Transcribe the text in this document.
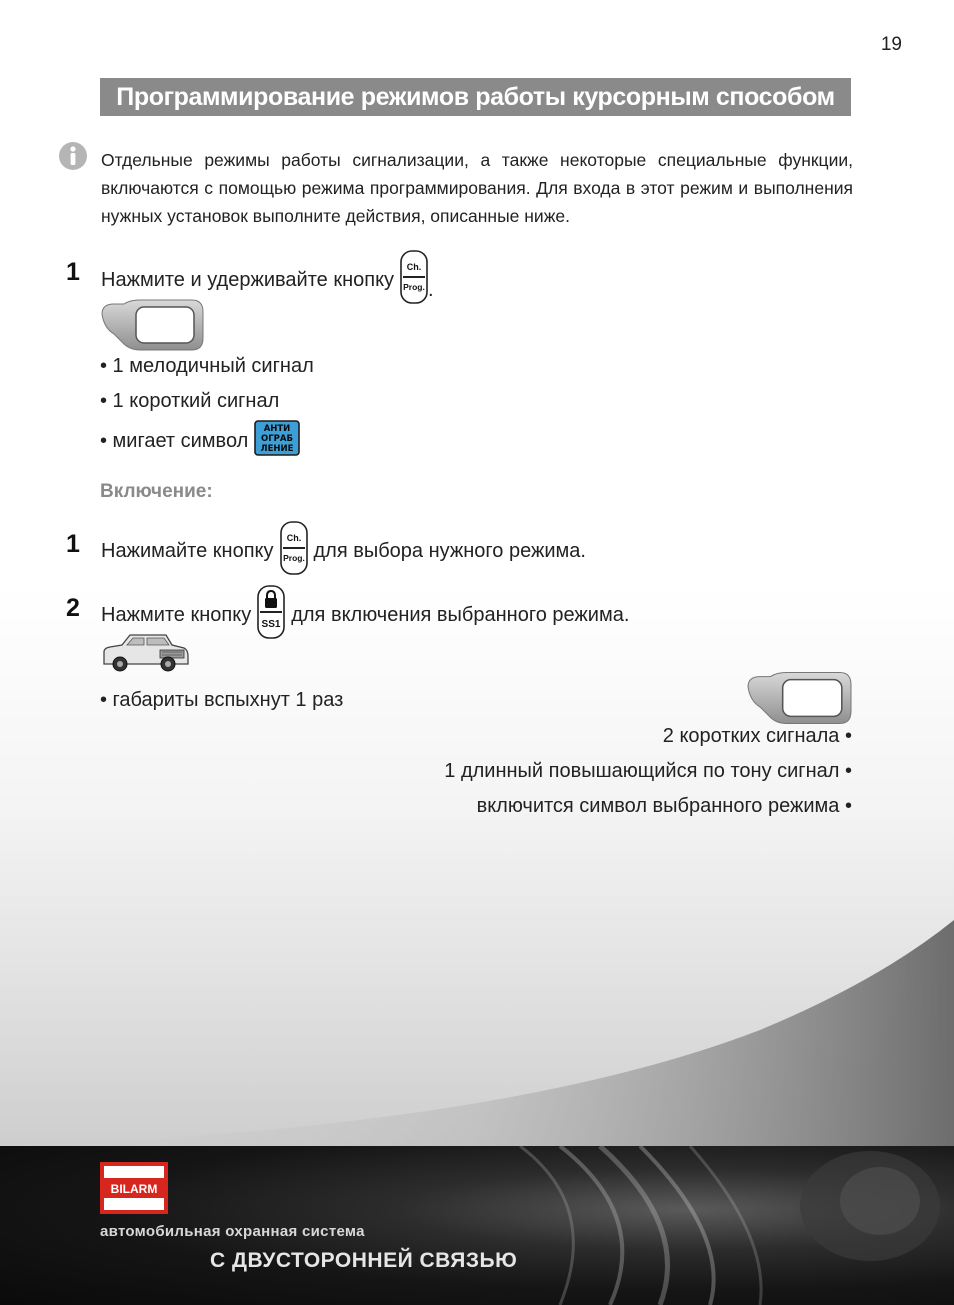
19
Программирование режимов работы курсорным способом
Отдельные режимы работы сигнализации, а также некоторые специальные функции, включаются с помощью режима программирования. Для входа в этот режим и выполнения нужных установок выполните действия, описанные ниже.
1 Нажмите и удерживайте кнопку
Ch.
Prog. .
• 1 мелодичный сигнал
• 1 короткий сигнал
• мигает символ
АНТИ
ОГРАБ
ЛЕНИЕ
Включение:
1 Нажимайте кнопку
Ch.
Prog. для выбора нужного режима.
2 Нажмите кнопку SS1 для включения выбранного режима.
• габариты вспыхнут 1 раз
2 коротких сигнала •
1 длинный повышающийся по тону сигнал •
включится символ выбранного режима •
BILARM
автомобильная охранная система
С ДВУСТОРОННЕЙ СВЯЗЬЮ
